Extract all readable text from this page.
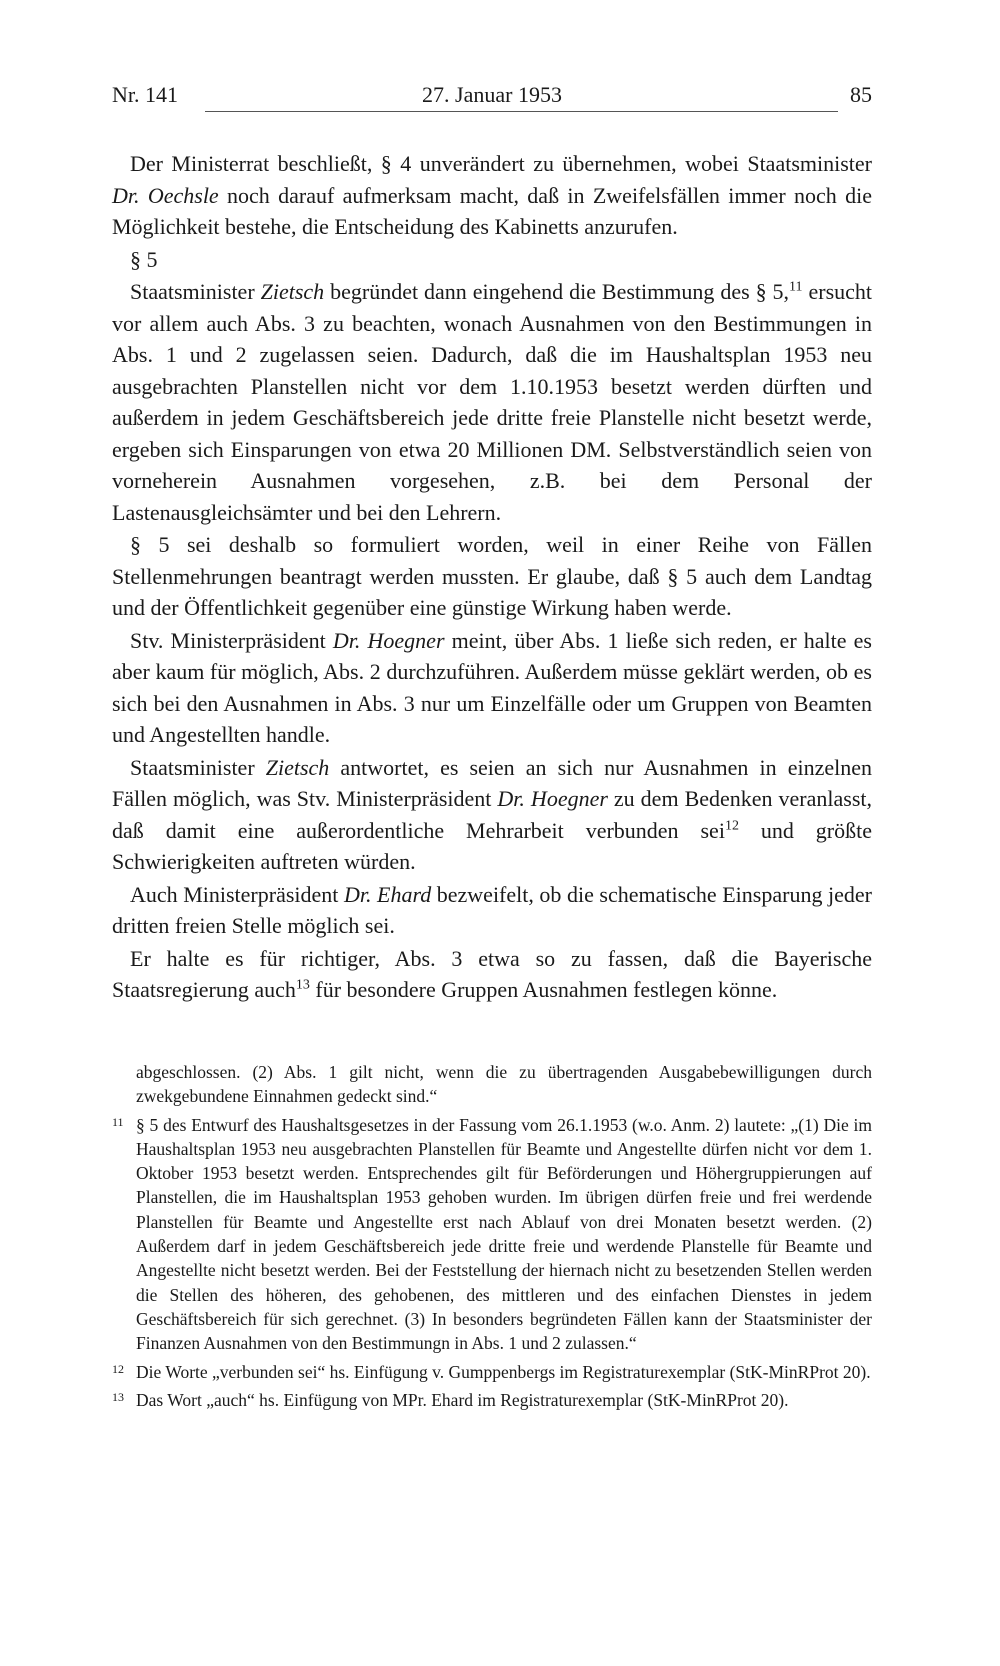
Nr. 141	27. Januar 1953	85

Der Ministerrat beschließt, § 4 unverändert zu übernehmen, wobei Staatsminister Dr. Oechsle noch darauf aufmerksam macht, daß in Zweifelsfällen immer noch die Möglichkeit bestehe, die Entscheidung des Kabinetts anzurufen.

§ 5

Staatsminister Zietsch begründet dann eingehend die Bestimmung des § 5,11 ersucht vor allem auch Abs. 3 zu beachten, wonach Ausnahmen von den Bestimmungen in Abs. 1 und 2 zugelassen seien. Dadurch, daß die im Haushaltsplan 1953 neu ausgebrachten Planstellen nicht vor dem 1.10.1953 besetzt werden dürften und außerdem in jedem Geschäftsbereich jede dritte freie Planstelle nicht besetzt werde, ergeben sich Einsparungen von etwa 20 Millionen DM. Selbstverständlich seien von vorneherein Ausnahmen vorgesehen, z.B. bei dem Personal der Lastenausgleichsämter und bei den Lehrern.

§ 5 sei deshalb so formuliert worden, weil in einer Reihe von Fällen Stellenmehrungen beantragt werden mussten. Er glaube, daß § 5 auch dem Landtag und der Öffentlichkeit gegenüber eine günstige Wirkung haben werde.

Stv. Ministerpräsident Dr. Hoegner meint, über Abs. 1 ließe sich reden, er halte es aber kaum für möglich, Abs. 2 durchzuführen. Außerdem müsse geklärt werden, ob es sich bei den Ausnahmen in Abs. 3 nur um Einzelfälle oder um Gruppen von Beamten und Angestellten handle.

Staatsminister Zietsch antwortet, es seien an sich nur Ausnahmen in einzelnen Fällen möglich, was Stv. Ministerpräsident Dr. Hoegner zu dem Bedenken veranlasst, daß damit eine außerordentliche Mehrarbeit verbunden sei$^{12}$ und größte Schwierigkeiten auftreten würden.

Auch Ministerpräsident Dr. Ehard bezweifelt, ob die schematische Einsparung jeder dritten freien Stelle möglich sei.

Er halte es für richtiger, Abs. 3 etwa so zu fassen, daß die Bayerische Staatsregierung auch$^{13}$ für besondere Gruppen Ausnahmen festlegen könne.

abgeschlossen. (2) Abs. 1 gilt nicht, wenn die zu übertragenden Ausgabebewilligungen durch zwekgebundene Einnahmen gedeckt sind.“

11 § 5 des Entwurf des Haushaltsgesetzes in der Fassung vom 26.1.1953 (w.o. Anm. 2) lautete: „(1) Die im Haushaltsplan 1953 neu ausgebrachten Planstellen für Beamte und Angestellte dürfen nicht vor dem 1. Oktober 1953 besetzt werden. Entsprechendes gilt für Beförderungen und Höhergruppierungen auf Planstellen, die im Haushaltsplan 1953 gehoben wurden. Im übrigen dürfen freie und frei werdende Planstellen für Beamte und Angestellte erst nach Ablauf von drei Monaten besetzt werden. (2) Außerdem darf in jedem Geschäftsbereich jede dritte freie und werdende Planstelle für Beamte und Angestellte nicht besetzt werden. Bei der Feststellung der hiernach nicht zu besetzenden Stellen werden die Stellen des höheren, des gehobenen, des mittleren und des einfachen Dienstes in jedem Geschäftsbereich für sich gerechnet. (3) In besonders begründeten Fällen kann der Staatsminister der Finanzen Ausnahmen von den Bestimmungn in Abs. 1 und 2 zulassen.“
12 Die Worte „verbunden sei“ hs. Einfügung v. Gumppenbergs im Registraturexemplar (StK-MinRProt 20).
13 Das Wort „auch“ hs. Einfügung von MPr. Ehard im Registraturexemplar (StK-MinRProt 20).
